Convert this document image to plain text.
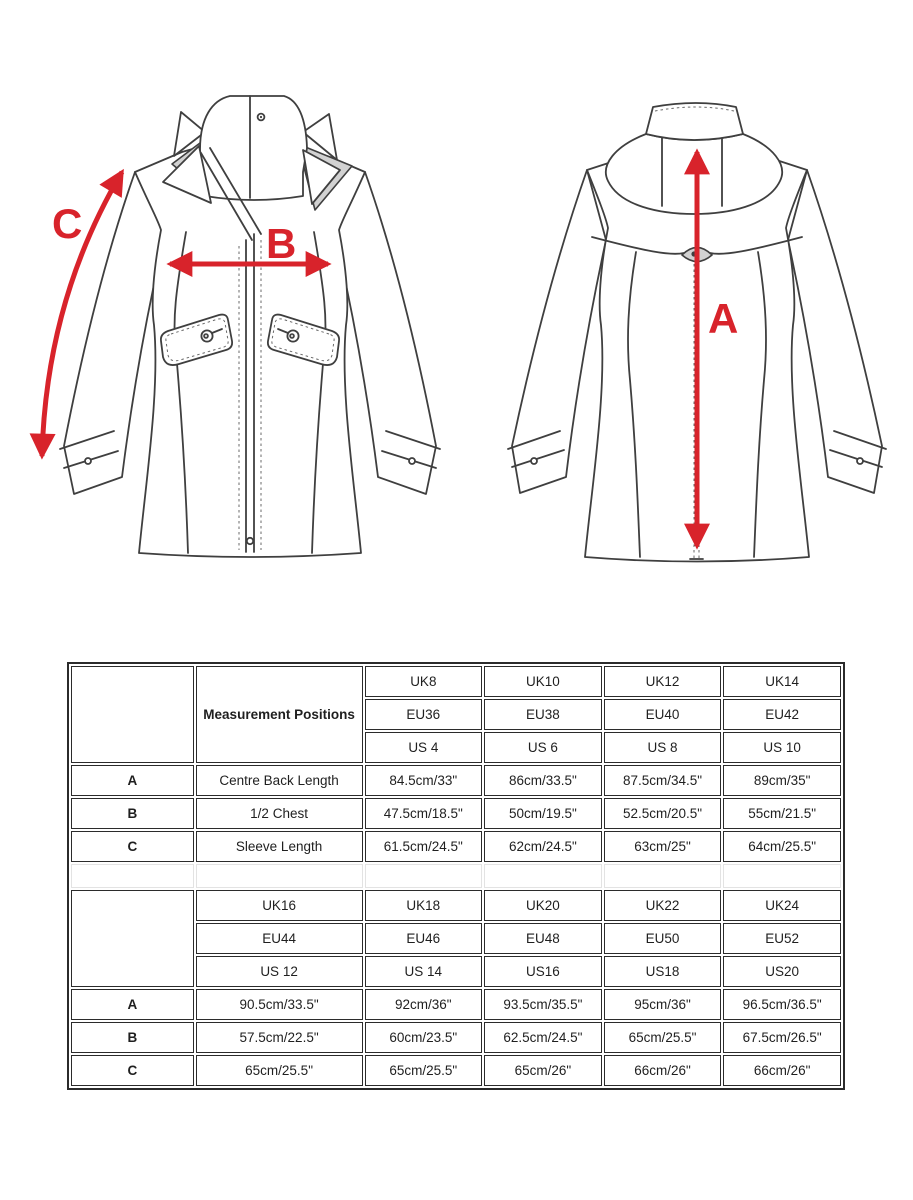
C	B
A
	Measurement Positions	UK8	UK10	UK12	UK14
		EU36	EU38	EU40	EU42
		US 4	US 6	US 8	US 10
A	Centre Back Length	84.5cm/33"	86cm/33.5"	87.5cm/34.5"	89cm/35"
B	1/2 Chest	47.5cm/18.5"	50cm/19.5"	52.5cm/20.5"	55cm/21.5"
C	Sleeve Length	61.5cm/24.5"	62cm/24.5"	63cm/25"	64cm/25.5"

	UK16	UK18	UK20	UK22	UK24
	EU44	EU46	EU48	EU50	EU52
	US 12	US 14	US16	US18	US20
A	90.5cm/33.5"	92cm/36"	93.5cm/35.5"	95cm/36"	96.5cm/36.5"
B	57.5cm/22.5"	60cm/23.5"	62.5cm/24.5"	65cm/25.5"	67.5cm/26.5"
C	65cm/25.5"	65cm/25.5"	65cm/26"	66cm/26"	66cm/26"
